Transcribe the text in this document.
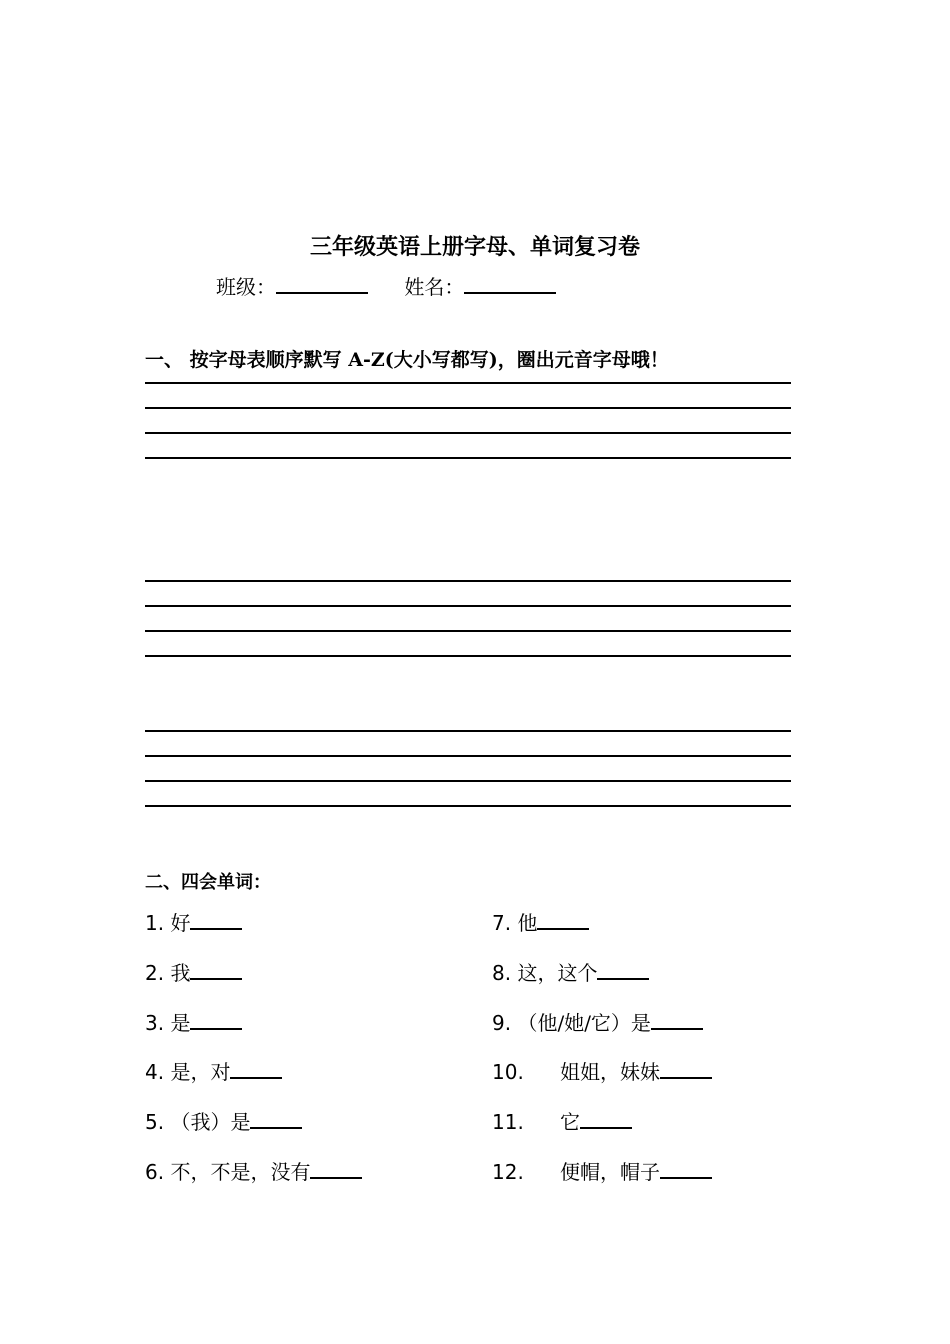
三年级英语上册字母、单词复习卷
班级：	姓名：
一、 按字母表顺序默写 A-Z(大小写都写)，圈出元音字母哦！
二、四会单词：
1. 好
2. 我
3. 是
4. 是，对
5. （我）是
6. 不，不是，没有
7. 他
8. 这，这个
9. （他/她/它）是
10. 姐姐，妹妹
11. 它
12. 便帽，帽子
